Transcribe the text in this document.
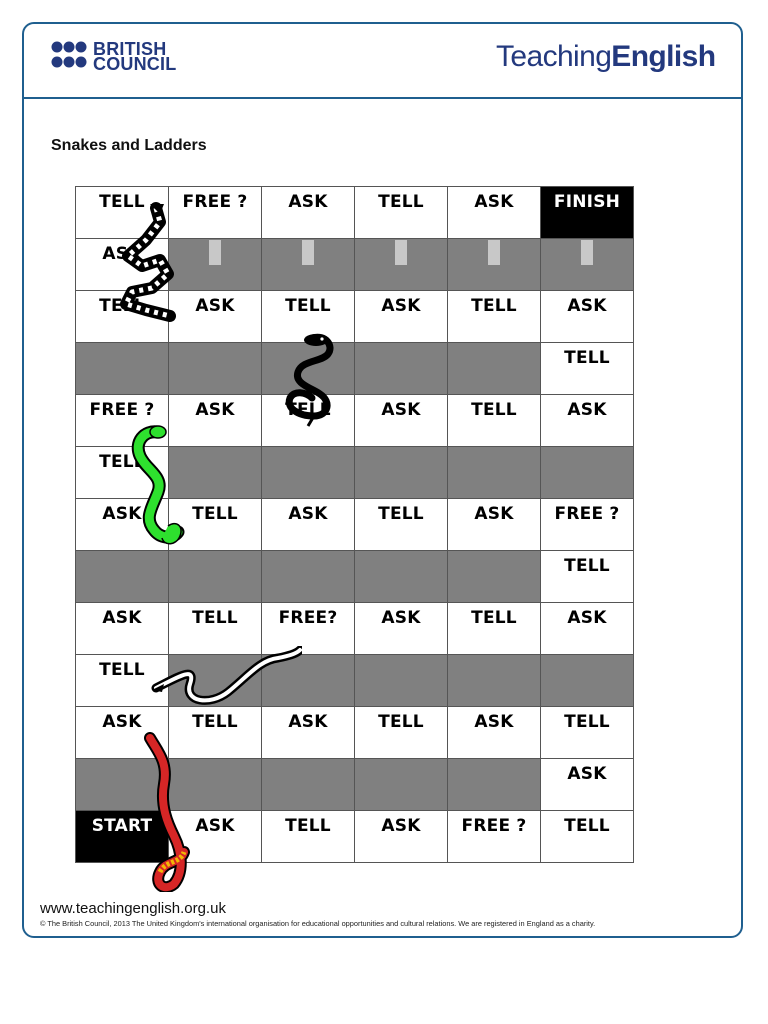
BRITISH
COUNCIL	TeachingEnglish
Snakes and Ladders
TELL	FREE ?	ASK	TELL	ASK	FINISH

ASK					

TELL	ASK	TELL	ASK	TELL	ASK

					TELL

FREE ?	ASK	TELL	ASK	TELL	ASK

TELL					

ASK	TELL	ASK	TELL	ASK	FREE ?

					TELL

ASK	TELL	FREE?	ASK	TELL	ASK

TELL					

ASK	TELL	ASK	TELL	ASK	TELL

					ASK

START	ASK	TELL	ASK	FREE ?	TELL
www.teachingenglish.org.uk
© The British Council, 2013 The United Kingdom's international organisation for educational opportunities and cultural relations. We are registered in England as a charity.
